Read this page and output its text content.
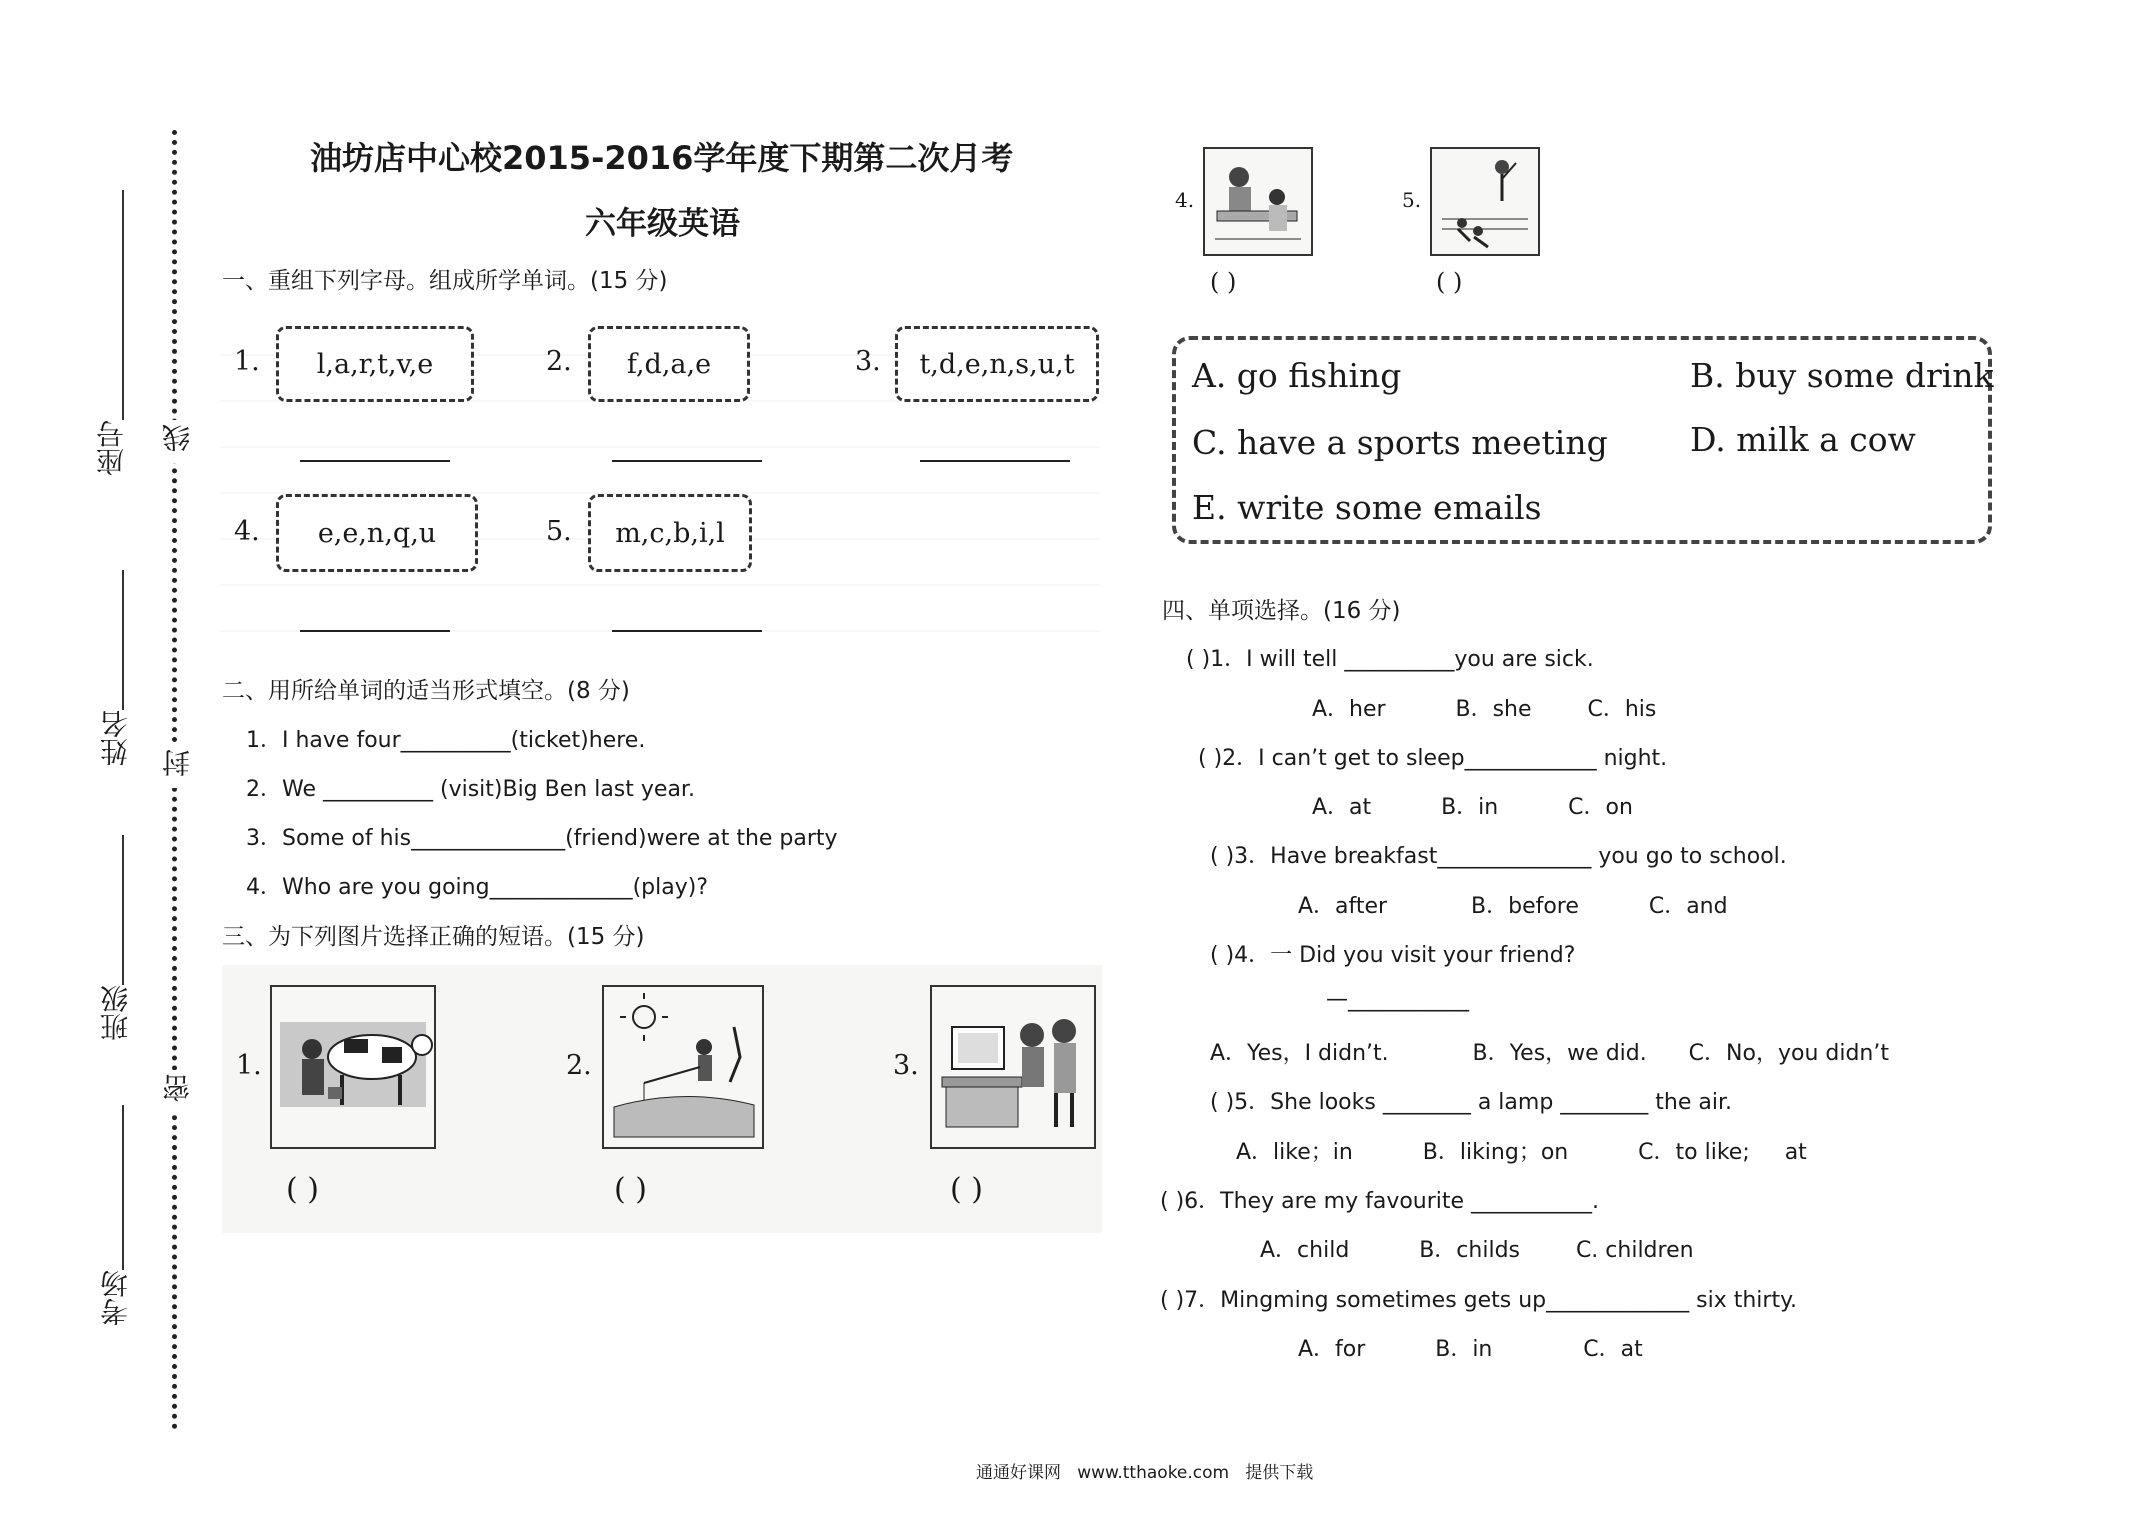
座号
姓名
班级
考场
线
封
密
油坊店中心校2015-2016学年度下期第二次月考
六年级英语
一、重组下列字母。组成所学单词。(15 分)
1.	l,a,r,t,v,e	2.	f,d,a,e	3.	t,d,e,n,s,u,t
4.	e,e,n,q,u	5.	m,c,b,i,l
二、用所给单词的适当形式填空。(8 分)
1．I have four__________(ticket)here.
2．We __________ (visit)Big Ben last year.
3．Some of his______________(friend)were at the party
4．Who are you going_____________(play)?
三、为下列图片选择正确的短语。(15 分)
1.
( )
2.
( )
3.
( )
4.
( )
5.
( )
A. go fishing	B. buy some drink
C. have a sports meeting D. milk a cow
E. write some emails
四、单项选择。(16 分)
( )1．I will tell __________you are sick.
A．her          B．she        C．his
( )2．I can’t get to sleep____________ night.
A．at          B．in          C．on
( )3．Have breakfast______________ you go to school.
A．after            B．before          C．and
( )4．一 Did you visit your friend?
—___________
A．Yes，I didn’t.            B．Yes，we did.      C．No，you didn’t
( )5．She looks ________ a lamp ________ the air.
A．like；in          B．liking；on          C．to like;     at
( )6．They are my favourite ___________.
A．child          B．childs        C. children
( )7．Mingming sometimes gets up_____________ six thirty.
A．for          B．in             C．at
通通好课网   www.tthaoke.com   提供下载
